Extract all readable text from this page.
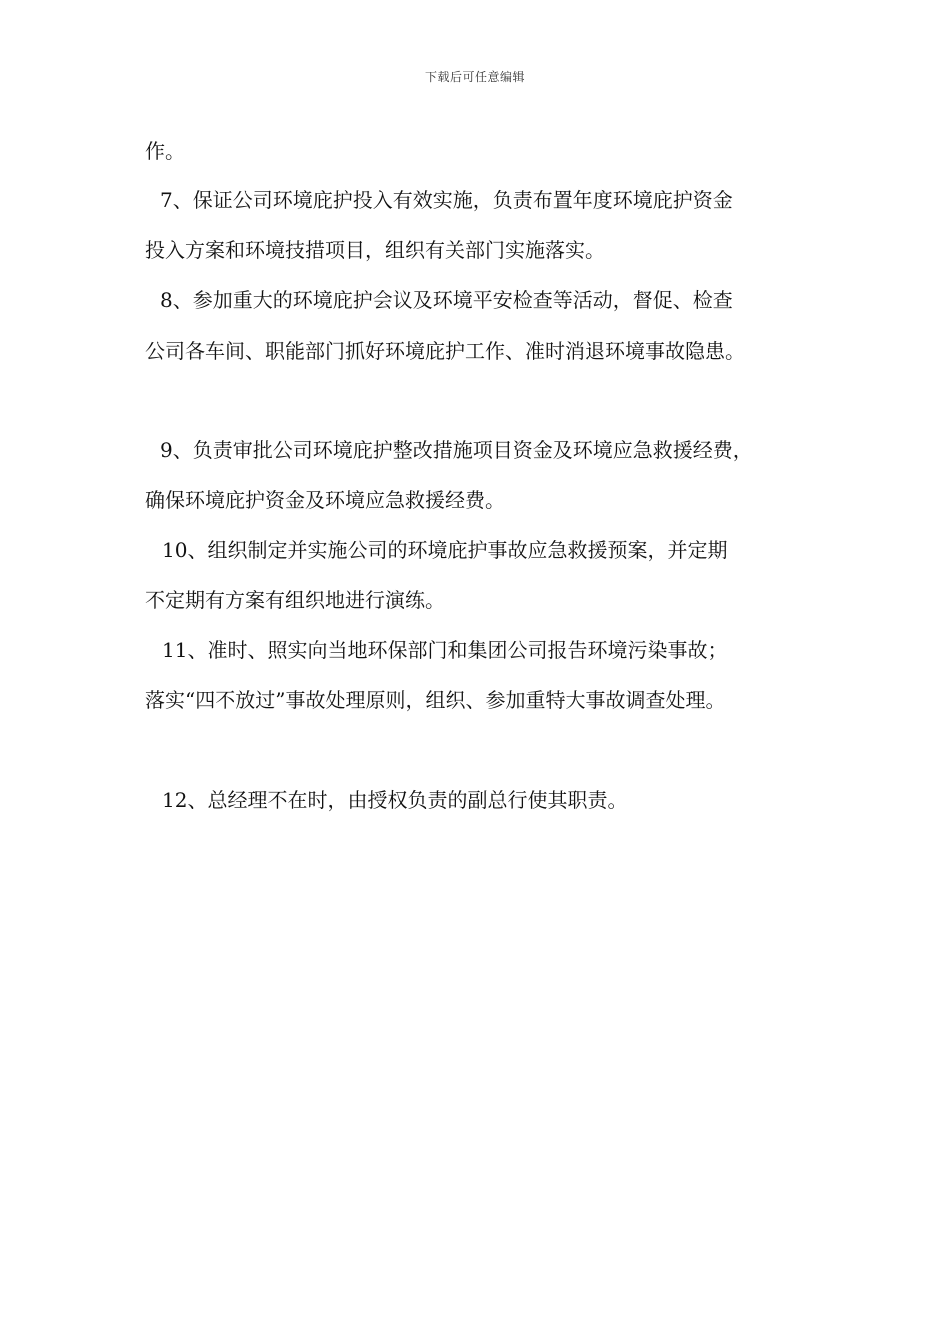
下载后可任意编辑
作。
7、保证公司环境庇护投入有效实施，负责布置年度环境庇护资金
投入方案和环境技措项目，组织有关部门实施落实。
8、参加重大的环境庇护会议及环境平安检查等活动，督促、检查
公司各车间、职能部门抓好环境庇护工作、准时消退环境事故隐患。
9、负责审批公司环境庇护整改措施项目资金及环境应急救援经费，
确保环境庇护资金及环境应急救援经费。
10、组织制定并实施公司的环境庇护事故应急救援预案，并定期
不定期有方案有组织地进行演练。
11、准时、照实向当地环保部门和集团公司报告环境污染事故；
落实“四不放过”事故处理原则，组织、参加重特大事故调查处理。
12、总经理不在时，由授权负责的副总行使其职责。
